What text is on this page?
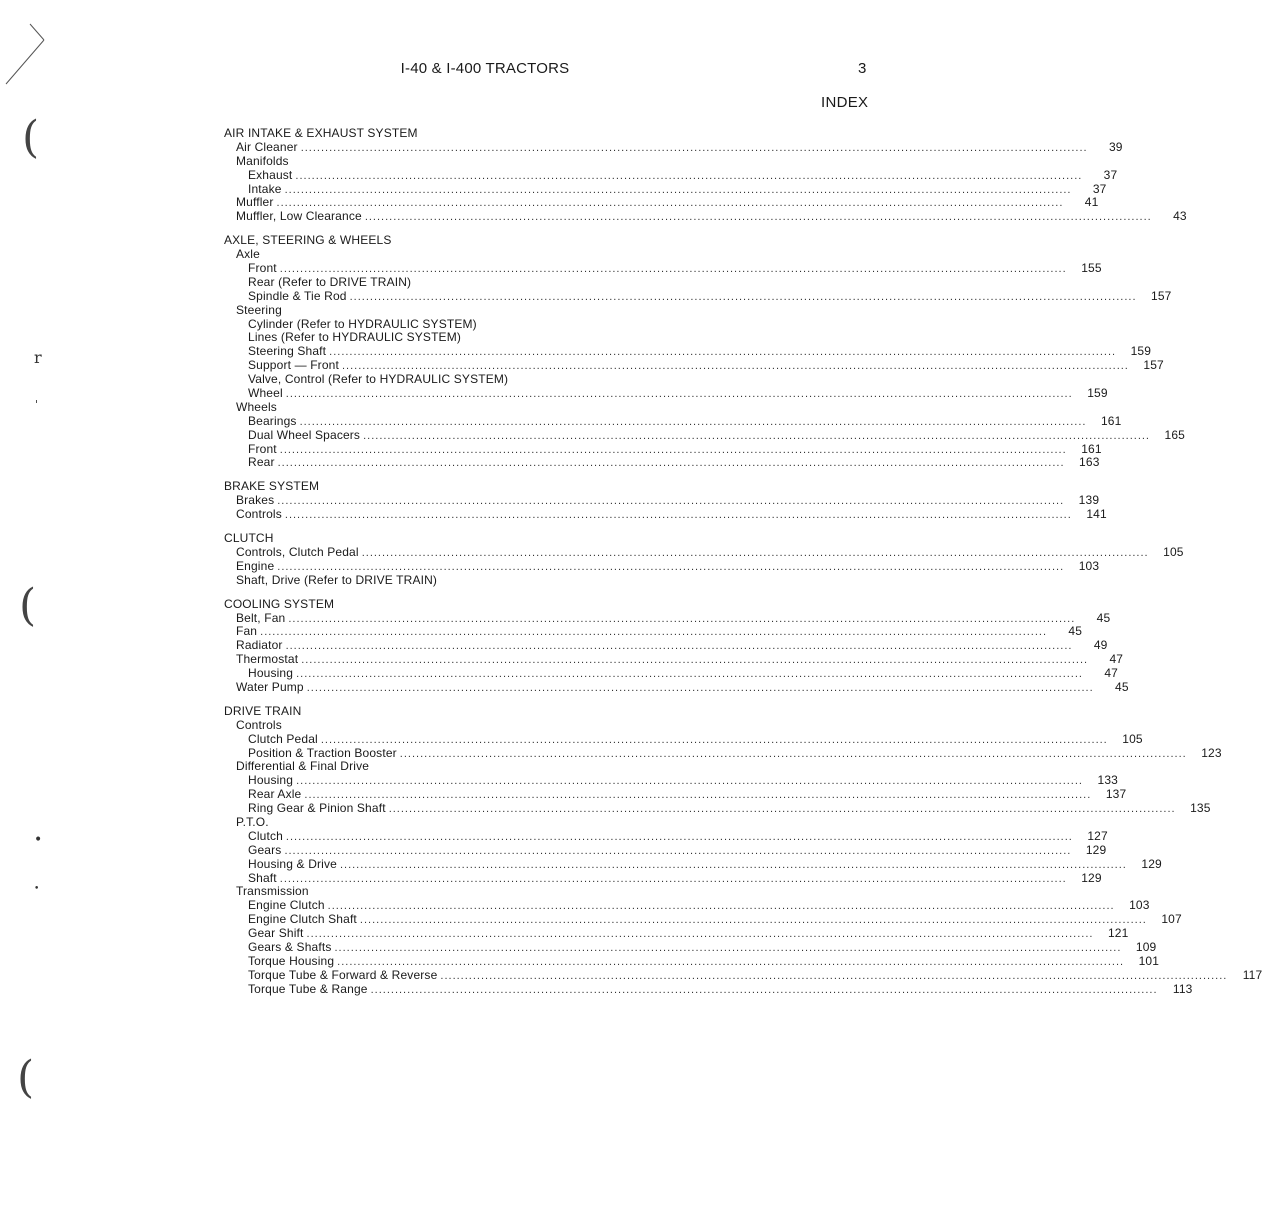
I-40 & I-400 TRACTORS	3
INDEX
(
r
'
(
•
•
(
AIR INTAKE & EXHAUST SYSTEM
Air Cleaner ..................................................................................................................................................................................................	39
Manifolds
Exhaust ..................................................................................................................................................................................................	37
Intake ..................................................................................................................................................................................................	37
Muffler ..................................................................................................................................................................................................	41
Muffler, Low Clearance ..................................................................................................................................................................................................	43
AXLE, STEERING & WHEELS
Axle
Front ..................................................................................................................................................................................................	155
Rear (Refer to DRIVE TRAIN)
Spindle & Tie Rod ..................................................................................................................................................................................................	157
Steering
Cylinder (Refer to HYDRAULIC SYSTEM)
Lines (Refer to HYDRAULIC SYSTEM)
Steering Shaft ..................................................................................................................................................................................................	159
Support — Front ..................................................................................................................................................................................................	157
Valve, Control (Refer to HYDRAULIC SYSTEM)
Wheel ..................................................................................................................................................................................................	159
Wheels
Bearings ..................................................................................................................................................................................................	161
Dual Wheel Spacers ..................................................................................................................................................................................................	165
Front ..................................................................................................................................................................................................	161
Rear ..................................................................................................................................................................................................	163
BRAKE SYSTEM
Brakes ..................................................................................................................................................................................................	139
Controls ..................................................................................................................................................................................................	141
CLUTCH
Controls, Clutch Pedal ..................................................................................................................................................................................................	105
Engine ..................................................................................................................................................................................................	103
Shaft, Drive (Refer to DRIVE TRAIN)
COOLING SYSTEM
Belt, Fan ..................................................................................................................................................................................................	45
Fan ..................................................................................................................................................................................................	45
Radiator ..................................................................................................................................................................................................	49
Thermostat ..................................................................................................................................................................................................	47
Housing ..................................................................................................................................................................................................	47
Water Pump ..................................................................................................................................................................................................	45
DRIVE TRAIN
Controls
Clutch Pedal ..................................................................................................................................................................................................	105
Position & Traction Booster ..................................................................................................................................................................................................	123
Differential & Final Drive
Housing ..................................................................................................................................................................................................	133
Rear Axle ..................................................................................................................................................................................................	137
Ring Gear & Pinion Shaft ..................................................................................................................................................................................................	135
P.T.O.
Clutch ..................................................................................................................................................................................................	127
Gears ..................................................................................................................................................................................................	129
Housing & Drive ..................................................................................................................................................................................................	129
Shaft ..................................................................................................................................................................................................	129
Transmission
Engine Clutch ..................................................................................................................................................................................................	103
Engine Clutch Shaft ..................................................................................................................................................................................................	107
Gear Shift ..................................................................................................................................................................................................	121
Gears & Shafts ..................................................................................................................................................................................................	109
Torque Housing ..................................................................................................................................................................................................	101
Torque Tube & Forward & Reverse ..................................................................................................................................................................................................	117
Torque Tube & Range ..................................................................................................................................................................................................	113
